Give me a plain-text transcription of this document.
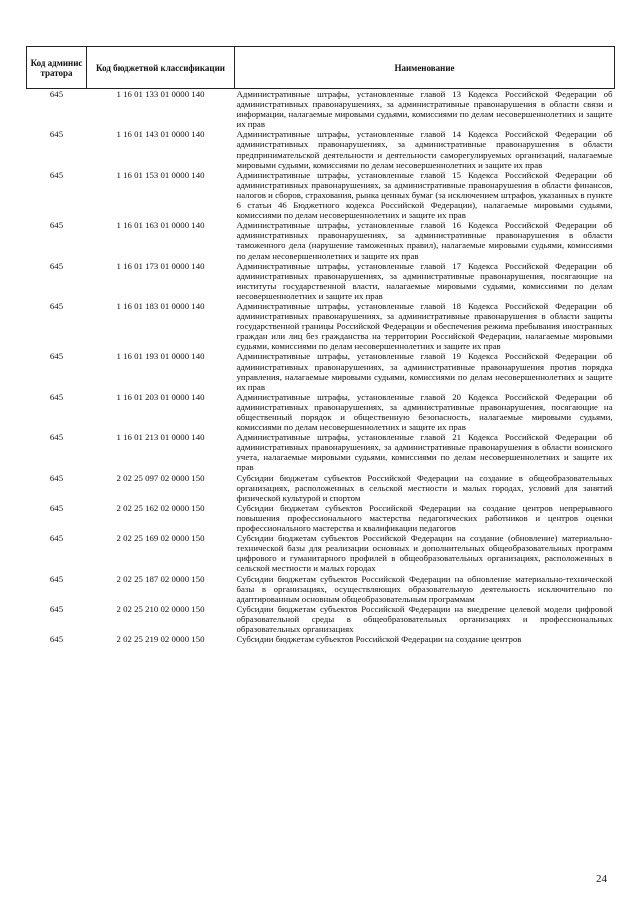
Код админис тратора	Код бюджетной классификации	Наименование
645	1 16 01 133 01 0000 140	Административные штрафы, установленные главой 13 Кодекса Российской Федерации об административных правонарушениях, за административные правонарушения в области связи и информации, налагаемые мировыми судьями, комиссиями по делам несовершеннолетних и защите их прав
645	1 16 01 143 01 0000 140	Административные штрафы, установленные главой 14 Кодекса Российской Федерации об административных правонарушениях, за административные правонарушения в области предпринимательской деятельности и деятельности саморегулируемых организаций, налагаемые мировыми судьями, комиссиями по делам несовершеннолетних и защите их прав
645	1 16 01 153 01 0000 140	Административные штрафы, установленные главой 15 Кодекса Российской Федерации об административных правонарушениях, за административные правонарушения в области финансов, налогов и сборов, страхования, рынка ценных бумаг (за исключением штрафов, указанных в пункте 6 статьи 46 Бюджетного кодекса Российской Федерации), налагаемые мировыми судьями, комиссиями по делам несовершеннолетних и защите их прав
645	1 16 01 163 01 0000 140	Административные штрафы, установленные главой 16 Кодекса Российской Федерации об административных правонарушениях, за административные правонарушения в области таможенного дела (нарушение таможенных правил), налагаемые мировыми судьями, комиссиями по делам несовершеннолетних и защите их прав
645	1 16 01 173 01 0000 140	Административные штрафы, установленные главой 17 Кодекса Российской Федерации об административных правонарушениях, за административные правонарушения, посягающие на институты государственной власти, налагаемые мировыми судьями, комиссиями по делам несовершеннолетних и защите их прав
645	1 16 01 183 01 0000 140	Административные штрафы, установленные главой 18 Кодекса Российской Федерации об административных правонарушениях, за административные правонарушения в области защиты государственной границы Российской Федерации и обеспечения режима пребывания иностранных граждан или лиц без гражданства на территории Российской Федерации, налагаемые мировыми судьями, комиссиями по делам несовершеннолетних и защите их прав
645	1 16 01 193 01 0000 140	Административные штрафы, установленные главой 19 Кодекса Российской Федерации об административных правонарушениях, за административные правонарушения против порядка управления, налагаемые мировыми судьями, комиссиями по делам несовершеннолетних и защите их прав
645	1 16 01 203 01 0000 140	Административные штрафы, установленные главой 20 Кодекса Российской Федерации об административных правонарушениях, за административные правонарушения, посягающие на общественный порядок и общественную безопасность, налагаемые мировыми судьями, комиссиями по делам несовершеннолетних и защите их прав
645	1 16 01 213 01 0000 140	Административные штрафы, установленные главой 21 Кодекса Российской Федерации об административных правонарушениях, за административные правонарушения в области воинского учета, налагаемые мировыми судьями, комиссиями по делам несовершеннолетних и защите их прав
645	2 02 25 097 02 0000 150	Субсидии бюджетам субъектов Российской Федерации на создание в общеобразовательных организациях, расположенных в сельской местности и малых городах, условий для занятий физической культурой и спортом
645	2 02 25 162 02 0000 150	Субсидии бюджетам субъектов Российской Федерации на создание центров непрерывного повышения профессионального мастерства педагогических работников и центров оценки профессионального мастерства и квалификации педагогов
645	2 02 25 169 02 0000 150	Субсидии бюджетам субъектов Российской Федерации на создание (обновление) материально-технической базы для реализации основных и дополнительных общеобразовательных программ цифрового и гуманитарного профилей в общеобразовательных организациях, расположенных в сельской местности и малых городах
645	2 02 25 187 02 0000 150	Субсидии бюджетам субъектов Российской Федерации на обновление материально-технической базы в организациях, осуществляющих образовательную деятельность исключительно по адаптированным основным общеобразовательным программам
645	2 02 25 210 02 0000 150	Субсидии бюджетам субъектов Российской Федерации на внедрение целевой модели цифровой образовательной среды в общеобразовательных организациях и профессиональных образовательных организациях
645	2 02 25 219 02 0000 150	Субсидии бюджетам субъектов Российской Федерации на создание центров
24
